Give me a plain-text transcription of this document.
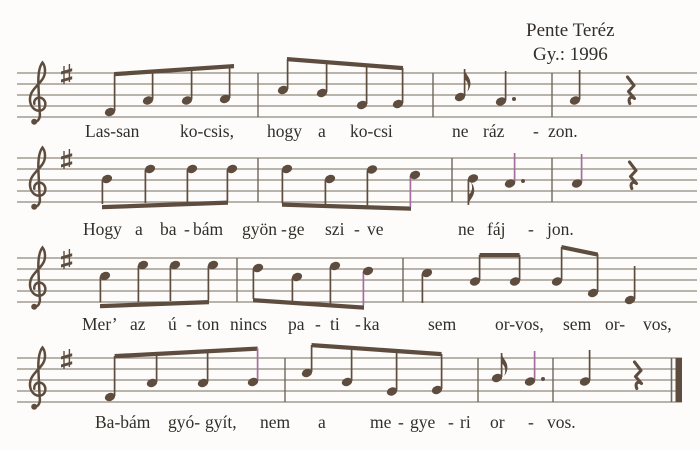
Pente Teréz
Gy.: 1996
Las-san ko-csis, hogy a ko-csi	ne ráz - zon.
Hogy a ba - bám gyön - ge szi - ve	ne fáj - jon.
Mer’ az ú - ton nincs pa - ti - ka	sem or-vos, sem or- vos,
Ba-bám gyó- gyít, nem a	me - gye - ri or - vos.
